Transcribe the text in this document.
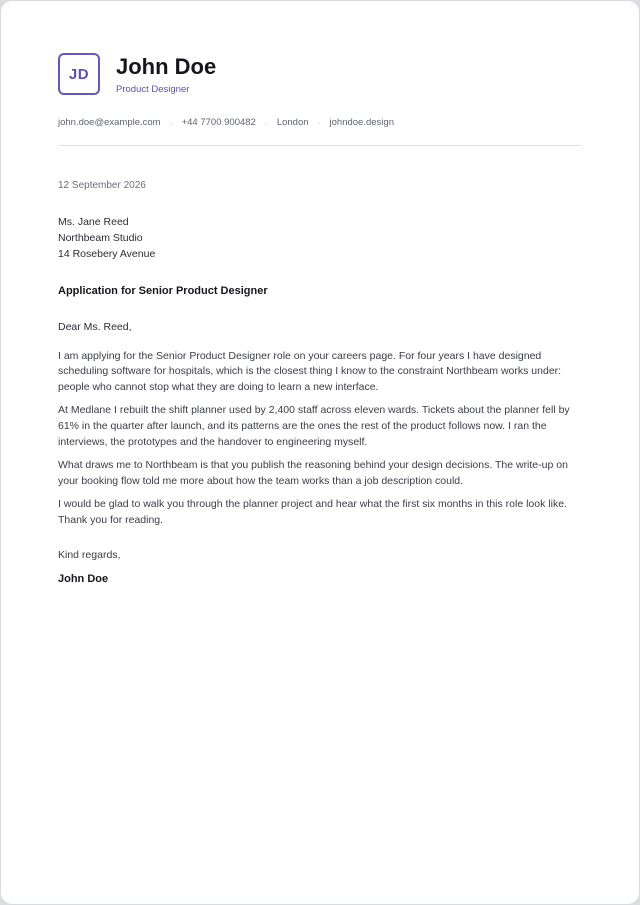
JD	John Doe
Product Designer
john.doe@example.com · +44 7700 900482 · London · johndoe.design
12 September 2026
Ms. Jane Reed
Northbeam Studio
14 Rosebery Avenue
Application for Senior Product Designer

Dear Ms. Reed,

I am applying for the Senior Product Designer role on your careers page. For four years I have designed scheduling software for hospitals, which is the closest thing I know to the constraint Northbeam works under: people who cannot stop what they are doing to learn a new interface.

At Medlane I rebuilt the shift planner used by 2,400 staff across eleven wards. Tickets about the planner fell by 61% in the quarter after launch, and its patterns are the ones the rest of the product follows now. I ran the interviews, the prototypes and the handover to engineering myself.

What draws me to Northbeam is that you publish the reasoning behind your design decisions. The write-up on your booking flow told me more about how the team works than a job description could.

I would be glad to walk you through the planner project and hear what the first six months in this role look like. Thank you for reading.

Kind regards,
John Doe
